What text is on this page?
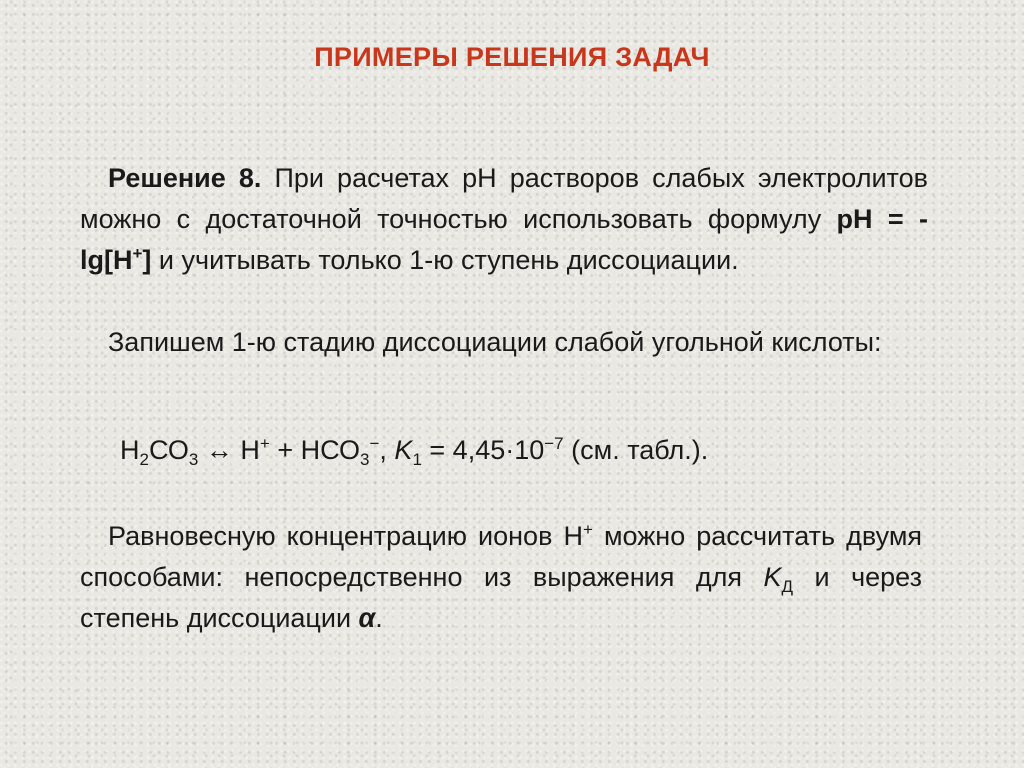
ПРИМЕРЫ РЕШЕНИЯ ЗАДАЧ
Решение 8. При расчетах рН растворов слабых электролитов можно с достаточной точностью использовать формулу рН = -lg[Н+] и учитывать только 1-ю ступень диссоциации.
Запишем 1-ю стадию диссоциации слабой угольной кислоты:
$Н_2СО_3$ ↔ $Н^+ + НСО_3^-$, $K_1 = 4,45\cdot 10^{-7}$ (см. табл.).
Равновесную концентрацию ионов Н+ можно рассчитать двумя способами: непосредственно из выражения для $K_Д$ и через степень диссоциации α.
